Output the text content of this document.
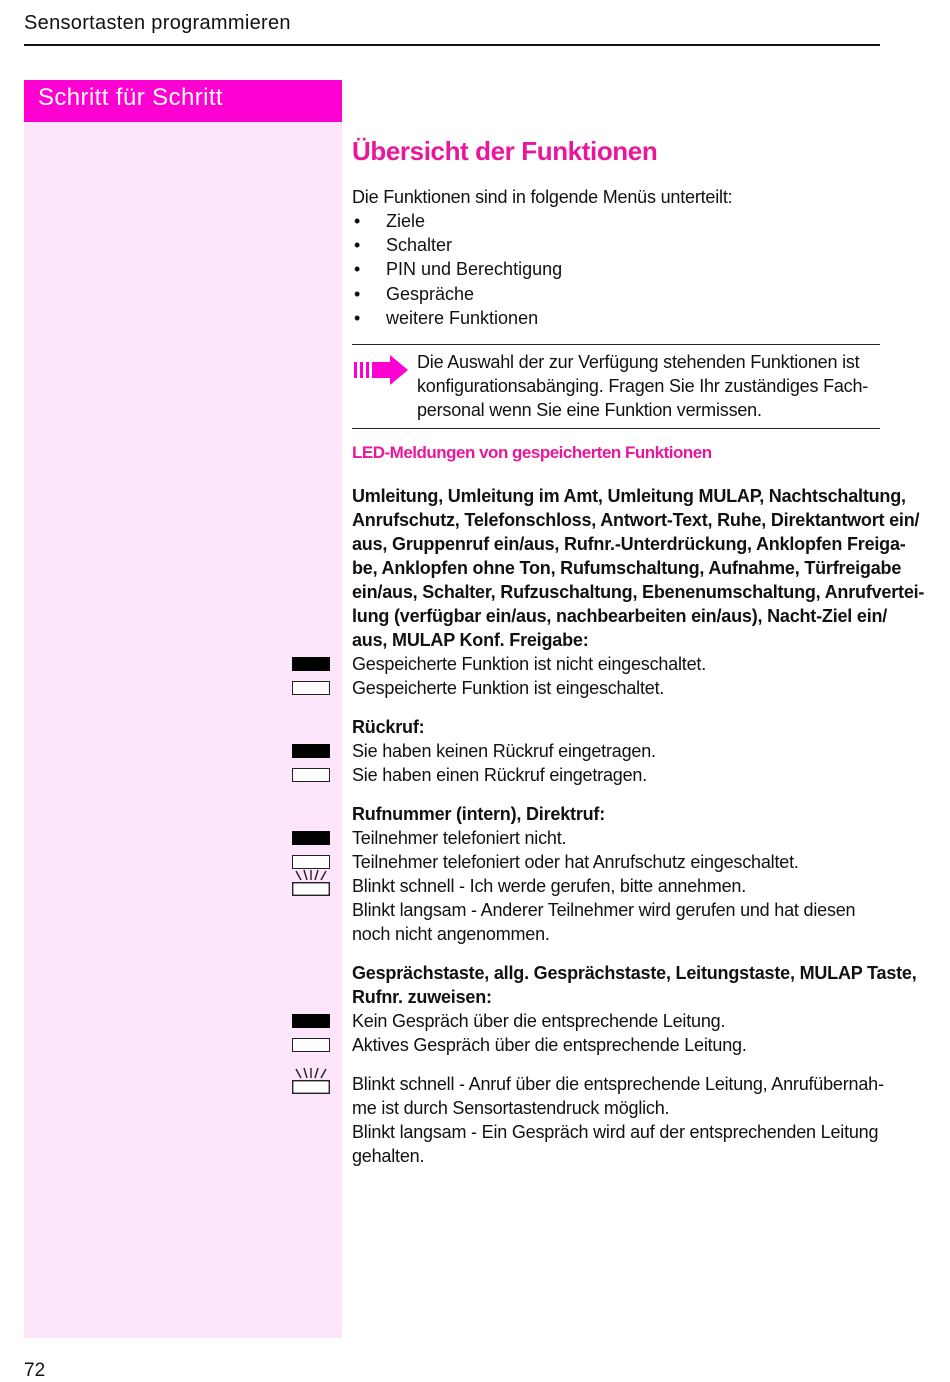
Sensortasten programmieren
Schritt für Schritt
Übersicht der Funktionen
Die Funktionen sind in folgende Menüs unterteilt:
• Ziele
• Schalter
• PIN und Berechtigung
• Gespräche
• weitere Funktionen
Die Auswahl der zur Verfügung stehenden Funktionen ist
konfigurationsabänging. Fragen Sie Ihr zuständiges Fach-
personal wenn Sie eine Funktion vermissen.
LED-Meldungen von gespeicherten Funktionen
Umleitung, Umleitung im Amt, Umleitung MULAP, Nachtschaltung,
Anrufschutz, Telefonschloss, Antwort-Text, Ruhe, Direktantwort ein/
aus, Gruppenruf ein/aus, Rufnr.-Unterdrückung, Anklopfen Freiga-
be, Anklopfen ohne Ton, Rufumschaltung, Aufnahme, Türfreigabe
ein/aus, Schalter, Rufzuschaltung, Ebenenumschaltung, Anrufvertei-
lung (verfügbar ein/aus, nachbearbeiten ein/aus), Nacht-Ziel ein/
aus, MULAP Konf. Freigabe:
Gespeicherte Funktion ist nicht eingeschaltet.
Gespeicherte Funktion ist eingeschaltet.
Rückruf:
Sie haben keinen Rückruf eingetragen.
Sie haben einen Rückruf eingetragen.
Rufnummer (intern), Direktruf:
Teilnehmer telefoniert nicht.
Teilnehmer telefoniert oder hat Anrufschutz eingeschaltet.
Blinkt schnell - Ich werde gerufen, bitte annehmen.
Blinkt langsam - Anderer Teilnehmer wird gerufen und hat diesen
noch nicht angenommen.
Gesprächstaste, allg. Gesprächstaste, Leitungstaste, MULAP Taste,
Rufnr. zuweisen:
Kein Gespräch über die entsprechende Leitung.
Aktives Gespräch über die entsprechende Leitung.
Blinkt schnell - Anruf über die entsprechende Leitung, Anrufübernah-
me ist durch Sensortastendruck möglich.
Blinkt langsam - Ein Gespräch wird auf der entsprechenden Leitung
gehalten.
72
